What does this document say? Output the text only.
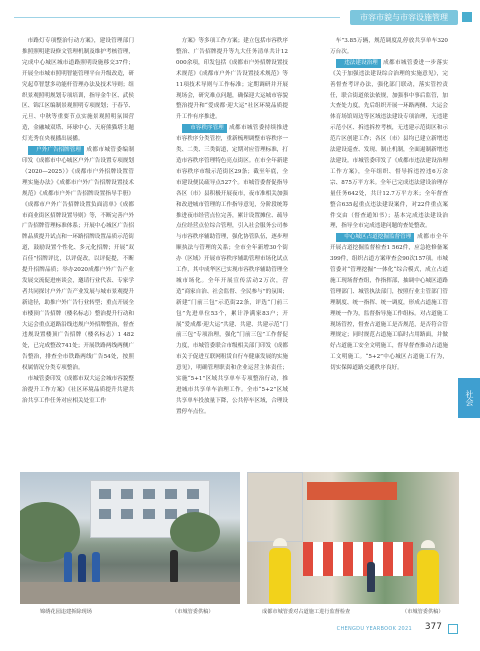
市容市貌与市容设施管理

市路灯专项整治行动方案》，建设管理部门推照照明建设修文管理机制及维护考核管理，完成中心城区城市道路照明设施移交37件；开展全市城市照明智能管理平台升级改造，研究起草智慧多功能杆管理办法及技术导则；组织景观照明规划专项培训，指导金牛区、武侯区、锦江区编制景观照明专项规划；于春节、元旦、中秋等重要节点实施景观照明氛围营造，金融城双塔、环球中心、天府熊猫塔主题灯光秀在央视播出展播。

户外广告招牌管理 成都市城管委编制印发《成都市中心城区户外广告设置专项规划（2020—2025）》《成都市户外招牌设置管理实施办法》《成都市户外广告招牌设置技术规范》《成都市户外广告招牌设置指导手册》《成都市户外广告招牌设置负面清单》《成都市商业街区招牌设置导则》等，不断完善户外广告招牌管理标准体系；开展中心城区广告招牌品质提升试点和一环路招牌设置品质示范街道，鼓励设置个性化、多元化招牌；开展“双百佳”招牌评比，以评促改，以评促提，不断提升招牌品质；举办2020成都户外广告产业发展交流促进座谈会，邀请行业代表、专家学者共同探讨户外广告产业发展与城市景观提升新途径，助推户外广告行业转型；重点开展全市楼顶广告招牌（楼名标志）整治提升行动和大运会重点道路沿线违规户外招牌整治，督查违规设置楼顶广告招牌（楼名标志）1 482处，已完成整改741处；开展铁路两线两侧广告整治，排查全市铁路两线广告54处，按照权属情况分类专项整治。

市城管委印发《成都市双大运会城市容貌整治提升工作方案》《社区环境品质提升共建共治共享工作任务对应相关处室工作

方案》等多项工作方案；建立包括市容秩序整治、广告招牌提升等九大任务清单共计12 000余项，印发包括《成都市户外招牌设置技术规范》《成都市户外广告设置技术规范》等11项技术导则与工作标准；定期调研并开展现场会，研究难点问题，确保迎大运城市容貌整治提升和“爱成都·迎大运”社区环境品质提升工作有序推进。

市容秩序管理 成都市城管委持续推进市容秩序分类管控，重新梳理调整市容秩序一类、二类、三类街道，定期对应管理标准，打造市容秩序管理特色亮点街区。在市全年新建市容秩序市级示范街区29条；截至年底，全市建设便民疏导点527个。市城管委督促指导各区（市）县积极开展夜市，夜市准相关加强和改进城市管理的工作指导意见，分阶段统筹推进夜市经营点位完善，累计设置摊位、疏导点位经营点位综合管理，引入社会服务公司参与市容秩序辅助管理，强化协管队伍，逐步理顺执法与管理的关系；全市全年新增30个街办（区域）开展市容秩序辅助管理市场化试点工作，其中成华区已实现市容秩序辅助管理全城市场化。全年开展宣传活动2万次，营造“商家自治、社会监督、全民参与”的氛围；新建“门前三包”示范街22条，评选“门前三包”先进单位53个，累计净满家83户；开展“爱成都·迎大运”共建、共建、共建示范“门前三包”专项治理，强化“门前三包”工作督促力度，市城管委联合市级相关部门印发《成都市关于促进互联网租赁自行车健康发展的实施意见》，明确管理职责和企业运营主体责任；实施“5+1”区域共享单车专项整治行动，推进城市共享单车治理工作。全市“5+2”区域共享单车投放量下降，公共停车区域，合理设置停车点位。

车”3.85万辆，规范调度乱停放共享单车320万台次。

违法建设治理 成都市城管委进一步落实《关于加强违法建设综合治理的实施意见》，完善督查考评办法，强化部门联动，落实管控责任，联合街道依法依规，加强事中事后监管，加大查处力度，先后组织开展一环路两侧、大运会体育场馆周边等区域违法建设专项治理，无违建示范小区、拆违拆控考核，无违建示范街区和示范片区创建工作；各区（市）县均已建立新增违法建设巡查、发现、制止机制，全面遏制新增违法建设。市城管委印发了《成都市违法建设治理工作方案》，全年组织、督导拆违控违6万余宗、875万平方米。全年已完成违法建设治理存量任务642处，共计12.7万平方米；全年督查整合635起重点违法建设案件，对22件重点案件交由（督查通知书）；基本完成违法建设治理，指导全市完成违建问题的查处整改。

中心城区占道挖掘监督管理 成都市全年开展占道挖掘监督检查1 562件，应急抢修备案399件，组织占道方案审查会90次157项。市城管委对“管理挖掘”一体化“综合模式，成立占道施工现场督查组，作指挥部，抽调中心城区道路管理部门、城管执法部门，按照行业主管部门管理制度、统一指挥、统一调度，形成占道施工管理统一作为，监督指导施工作组标。对占道施工现场管控，督查占道施工是否规范，是否符合管理规定；同时规范占道施工临时占用路面，并做好占道施工安全文明施工，督导督查推动占道施工文明施工。“5+2”中心城区占道施工行为，切实保障道路交通秩序良好。

社会
锦绣花园违建拆除现场	（市城管委供稿）	成都市城管委对占道施工进行监督检查	（市城管委供稿）
CHENGDU YEARBOOK 2021 377
